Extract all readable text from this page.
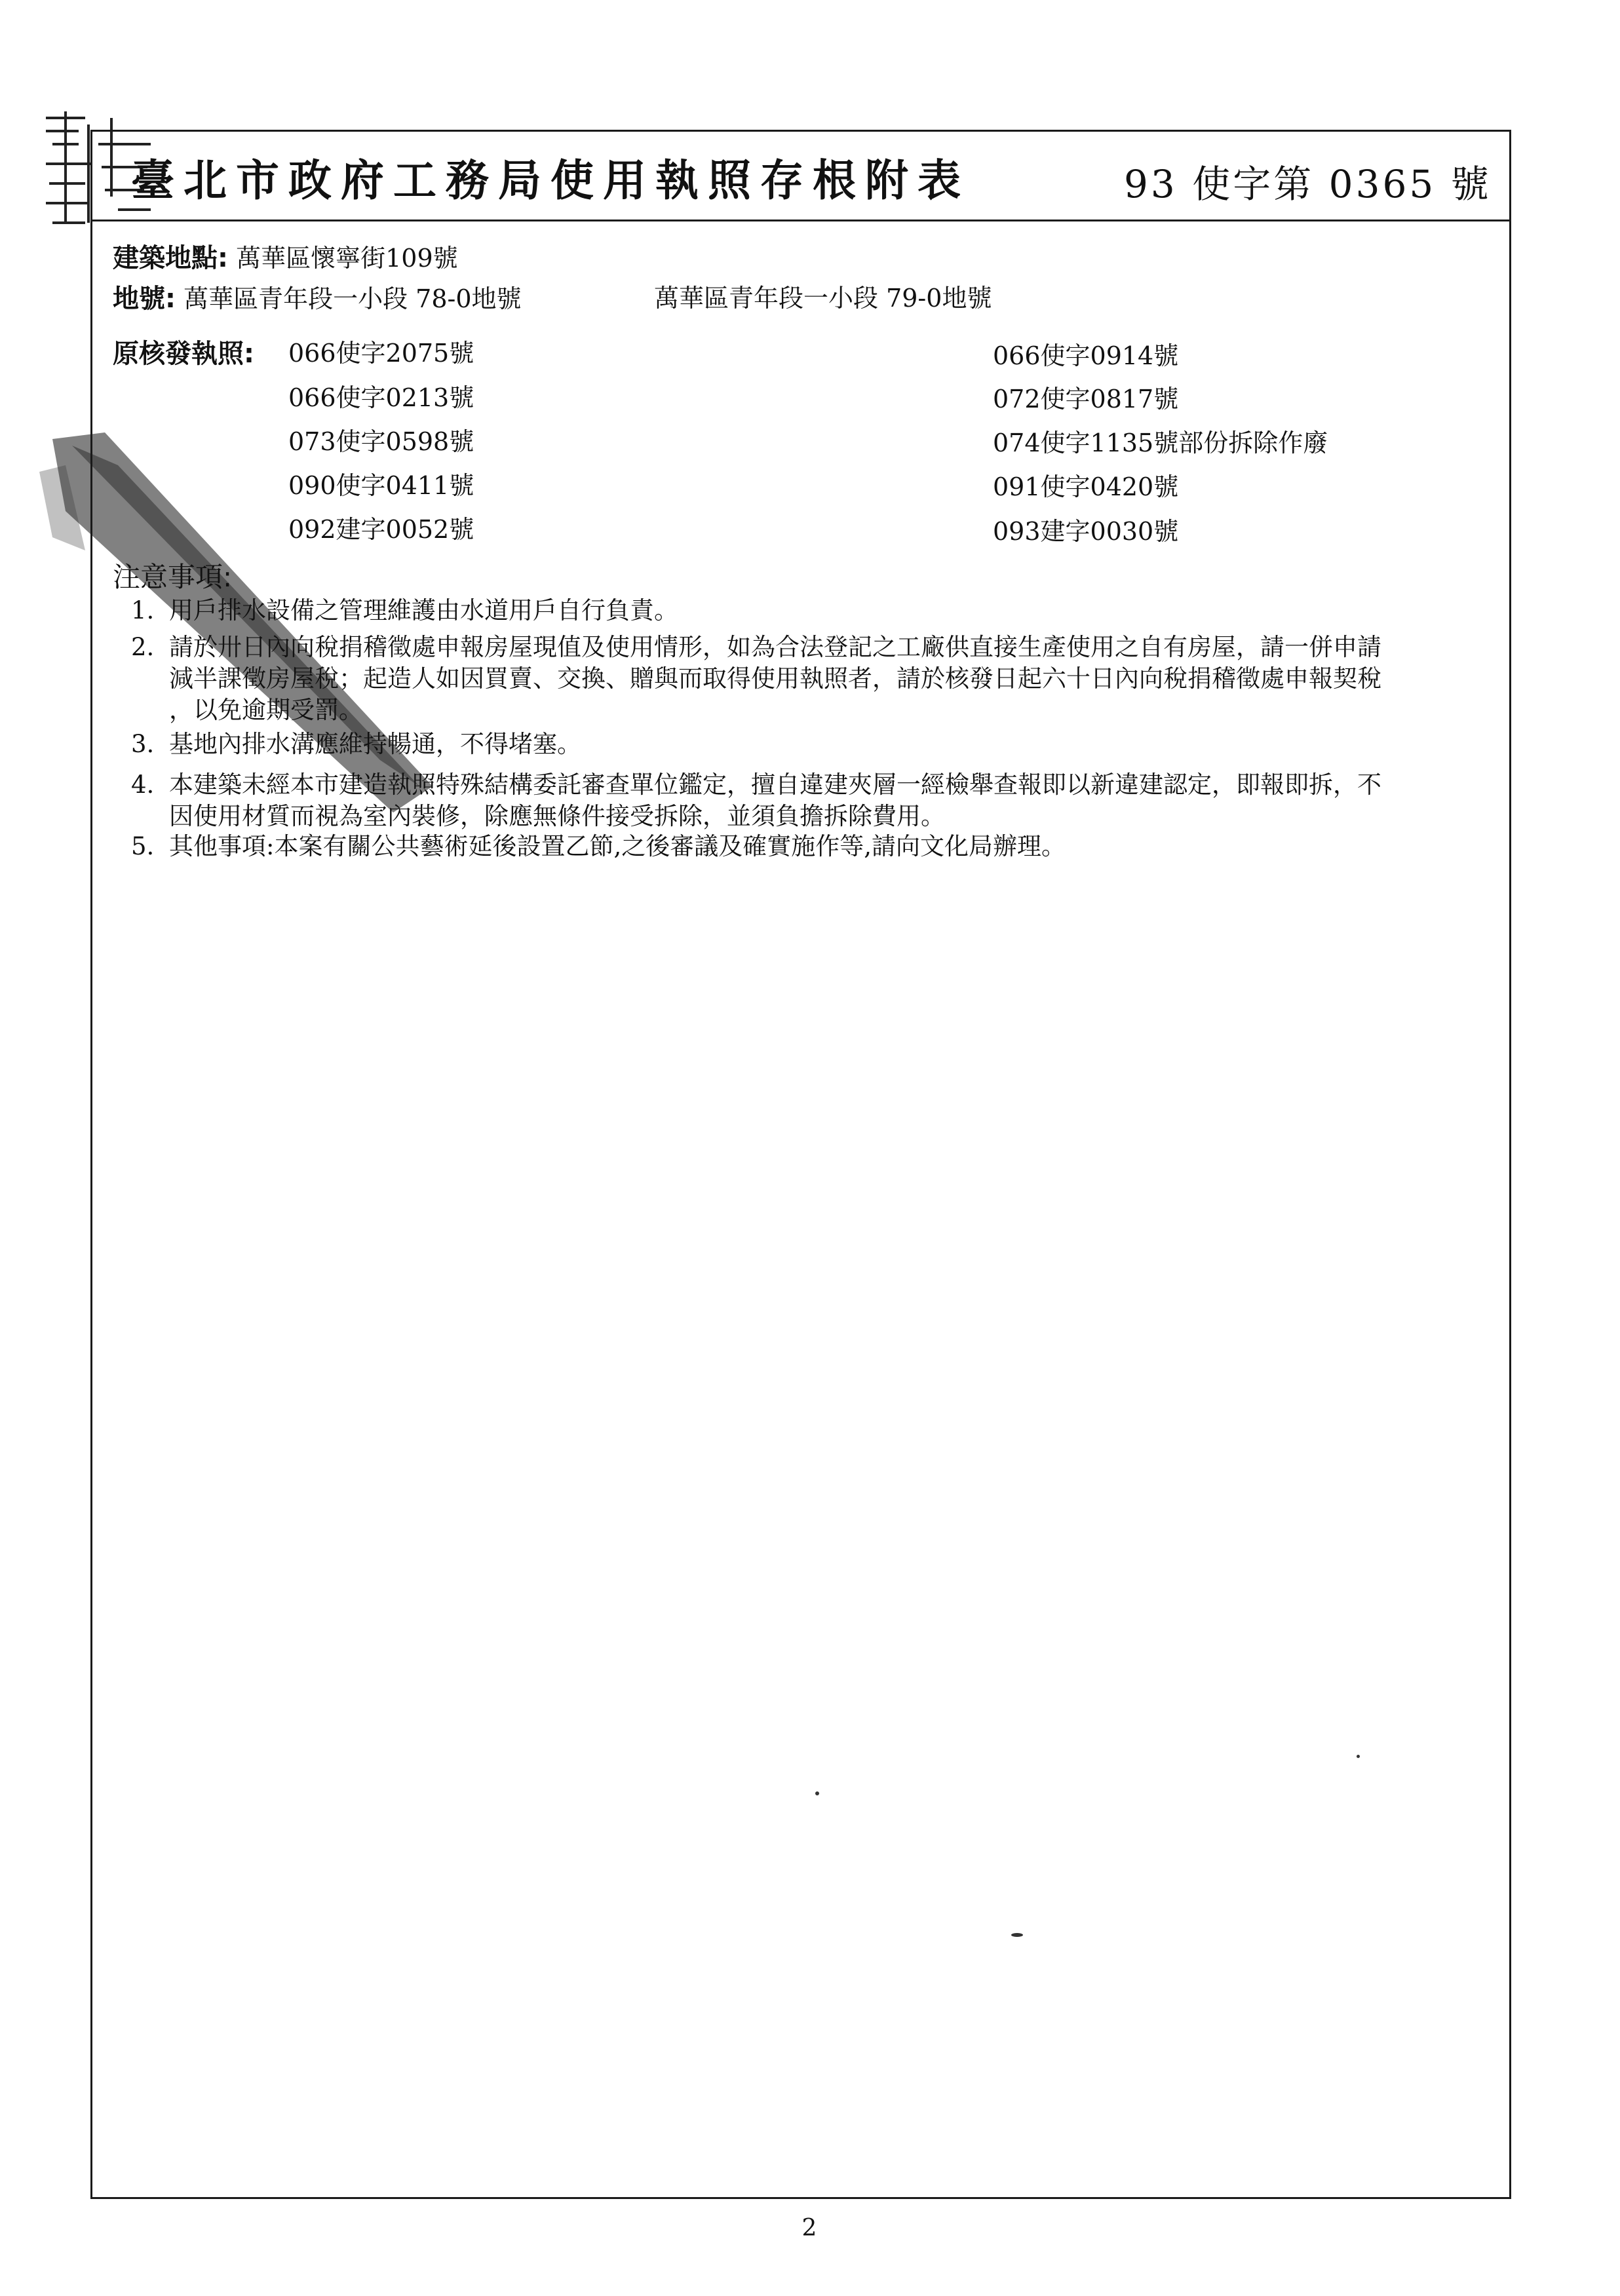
臺北市政府工務局使用執照存根附表	93 使字第 0365 號
建築地點: 萬華區懷寧街109號
地號: 萬華區青年段一小段 78-0地號	萬華區青年段一小段 79-0地號
原核發執照: 066使字2075號
066使字0213號
073使字0598號
090使字0411號
092建字0052號
066使字0914號
072使字0817號
074使字1135號部份拆除作廢
091使字0420號
093建字0030號
注意事項:
1. 用戶排水設備之管理維護由水道用戶自行負責。
2. 請於卅日內向稅捐稽徵處申報房屋現值及使用情形，如為合法登記之工廠供直接生產使用之自有房屋，請一併申請
減半課徵房屋稅；起造人如因買賣、交換、贈與而取得使用執照者，請於核發日起六十日內向稅捐稽徵處申報契稅
，以免逾期受罰。
3. 基地內排水溝應維持暢通，不得堵塞。
4. 本建築未經本市建造執照特殊結構委託審查單位鑑定，擅自違建夾層一經檢舉查報即以新違建認定，即報即拆，不
因使用材質而視為室內裝修，除應無條件接受拆除，並須負擔拆除費用。
5. 其他事項:本案有關公共藝術延後設置乙節,之後審議及確實施作等,請向文化局辦理。
2
